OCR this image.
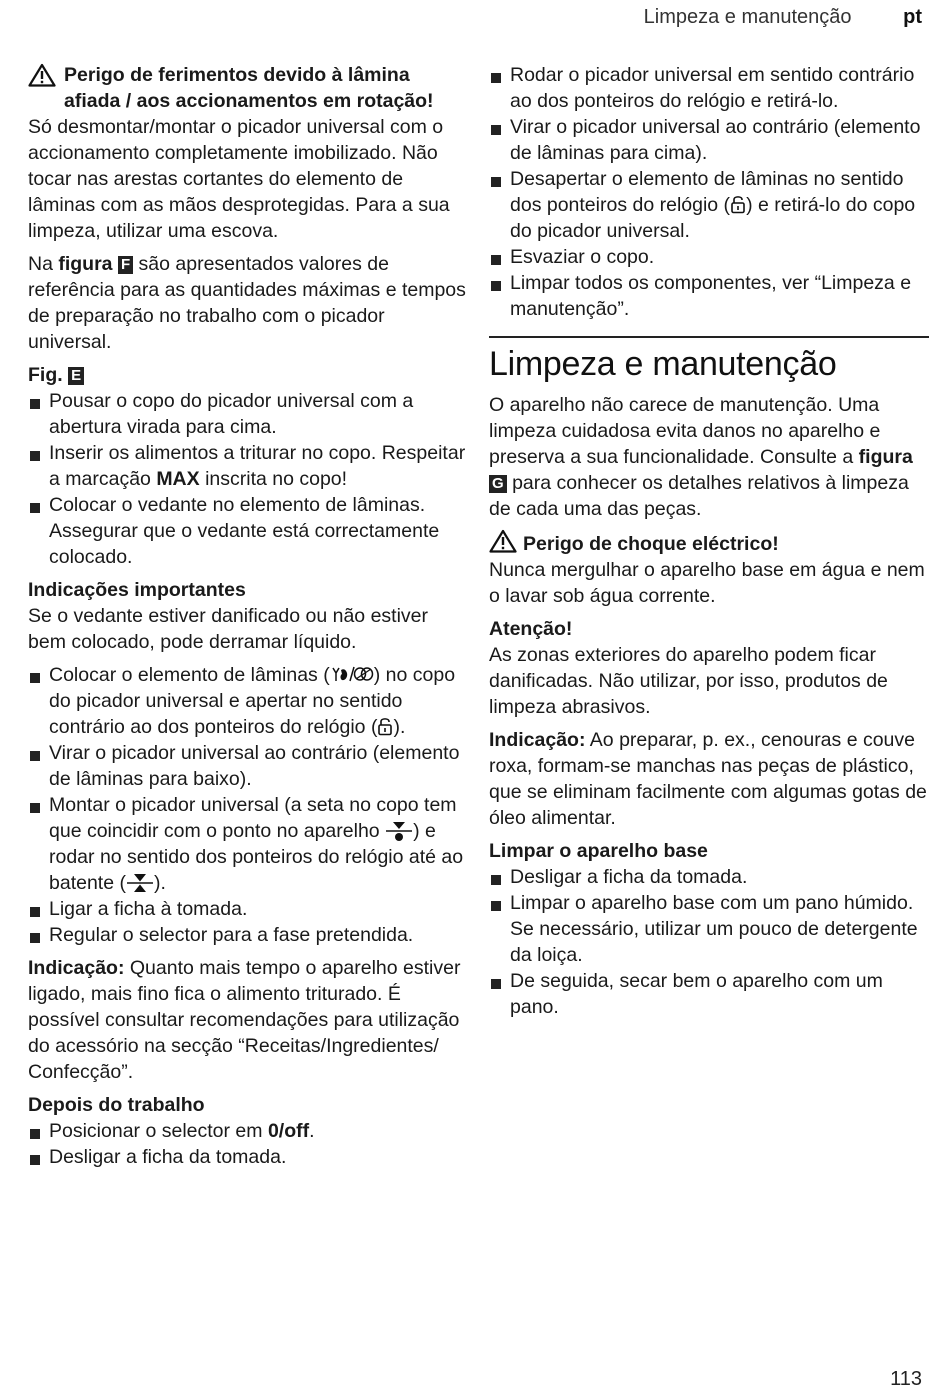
Limpeza e manutenção	pt

Perigo de ferimentos devido à lâmina afiada / aos accionamentos em rotação!

Só desmontar/montar o picador universal com o accionamento completamente imobilizado. Não tocar nas arestas cortantes do elemento de lâminas com as mãos desprotegidas. Para a sua limpeza, utilizar uma escova.

Na figura F são apresentados valores de referência para as quantidades máximas e tempos de preparação no trabalho com o picador universal.

Fig. E

Pousar o copo do picador universal com a abertura virada para cima.
Inserir os alimentos a triturar no copo. Respeitar a marcação MAX inscrita no copo!
Colocar o vedante no elemento de lâminas. Assegurar que o vedante está correctamente colocado.

Indicações importantes

Se o vedante estiver danificado ou não estiver bem colocado, pode derramar líquido.

Colocar o elemento de lâminas ( ) no copo do picador universal e apertar no sentido contrário ao dos ponteiros do relógio ( ).
Virar o picador universal ao contrário (elemento de lâminas para baixo).
Montar o picador universal (a seta no copo tem que coincidir com o ponto no aparelho ) e rodar no sentido dos ponteiros do relógio até ao batente ( ).
Ligar a ficha à tomada.
Regular o selector para a fase pretendida.

Indicação: Quanto mais tempo o aparelho estiver ligado, mais fino fica o alimento triturado. É possível consultar recomendações para utilização do acessório na secção “Receitas/Ingredientes/ Confecção”.

Depois do trabalho

Posicionar o selector em 0/off.
Desligar a ficha da tomada.
Rodar o picador universal em sentido contrário ao dos ponteiros do relógio e retirá-lo.
Virar o picador universal ao contrário (elemento de lâminas para cima).
Desapertar o elemento de lâminas no sentido dos ponteiros do relógio ( ) e retirá-lo do copo do picador universal.
Esvaziar o copo.
Limpar todos os componentes, ver “Limpeza e manutenção”.
Limpeza e manutenção

O aparelho não carece de manutenção. Uma limpeza cuidadosa evita danos no aparelho e preserva a sua funcionalidade. Consulte a figura G para conhecer os detalhes relativos à limpeza de cada uma das peças.

Perigo de choque eléctrico!

Nunca mergulhar o aparelho base em água e nem o lavar sob água corrente.

Atenção!

As zonas exteriores do aparelho podem ficar danificadas. Não utilizar, por isso, produtos de limpeza abrasivos.

Indicação: Ao preparar, p. ex., cenouras e couve roxa, formam-se manchas nas peças de plástico, que se eliminam facilmente com algumas gotas de óleo alimentar.

Limpar o aparelho base

Desligar a ficha da tomada.
Limpar o aparelho base com um pano húmido. Se necessário, utilizar um pouco de detergente da loiça.
De seguida, secar bem o aparelho com um pano.
113
